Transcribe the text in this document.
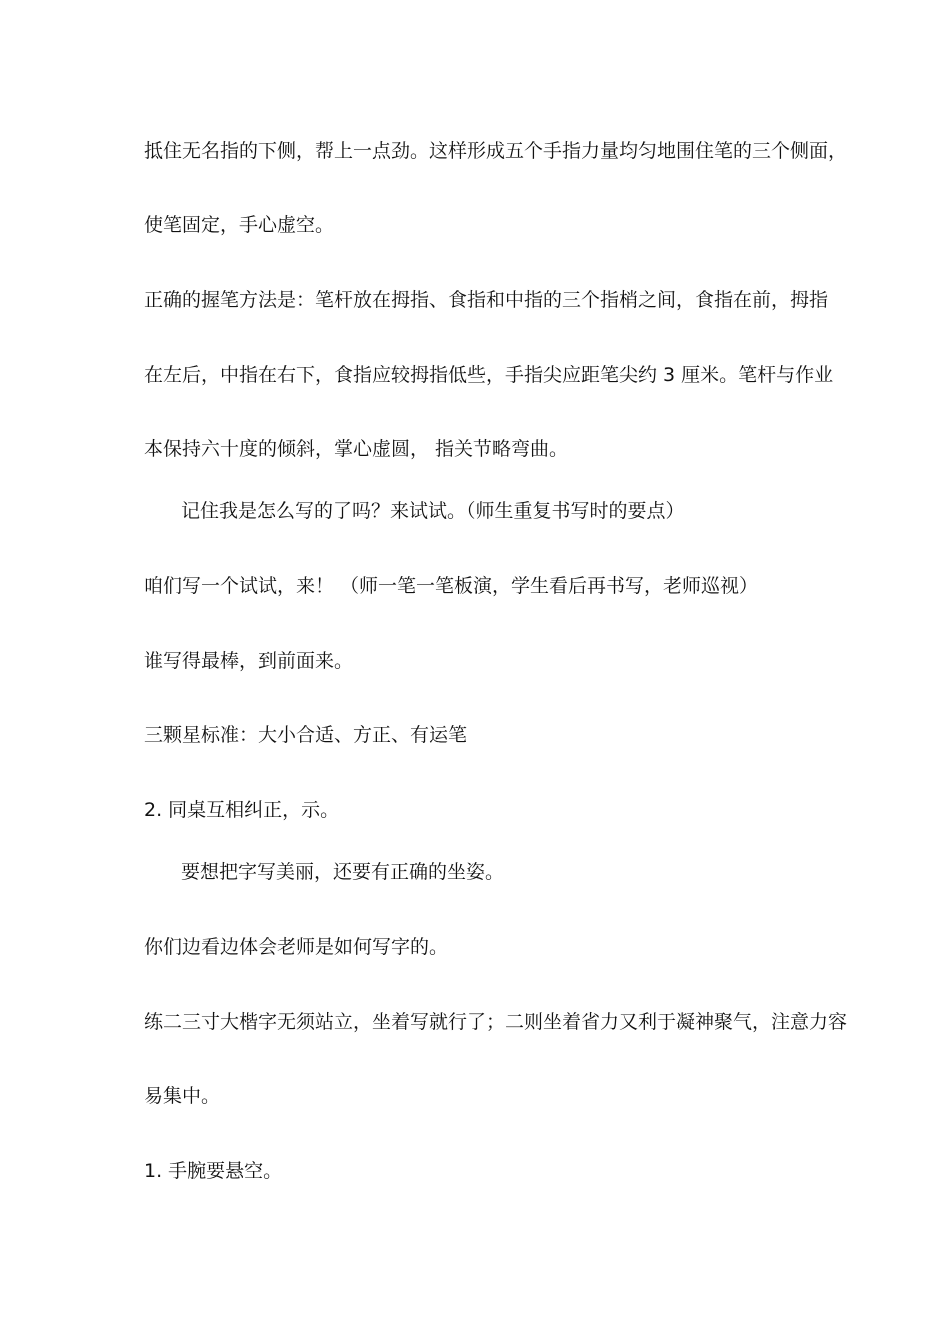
抵住无名指的下侧，帮上一点劲。这样形成五个手指力量均匀地围住笔的三个侧面，
使笔固定，手心虚空。
正确的握笔方法是：笔杆放在拇指、食指和中指的三个指梢之间，食指在前，拇指
在左后，中指在右下，食指应较拇指低些，手指尖应距笔尖约 3 厘米。笔杆与作业
本保持六十度的倾斜，掌心虚圆， 指关节略弯曲。
记住我是怎么写的了吗？来试试。（师生重复书写时的要点）
咱们写一个试试，来！ （师一笔一笔板演，学生看后再书写，老师巡视）
谁写得最棒，到前面来。
三颗星标准：大小合适、方正、有运笔
2. 同桌互相纠正，示。
要想把字写美丽，还要有正确的坐姿。
你们边看边体会老师是如何写字的。
练二三寸大楷字无须站立，坐着写就行了；二则坐着省力又利于凝神聚气，注意力容
易集中。
1. 手腕要悬空。
